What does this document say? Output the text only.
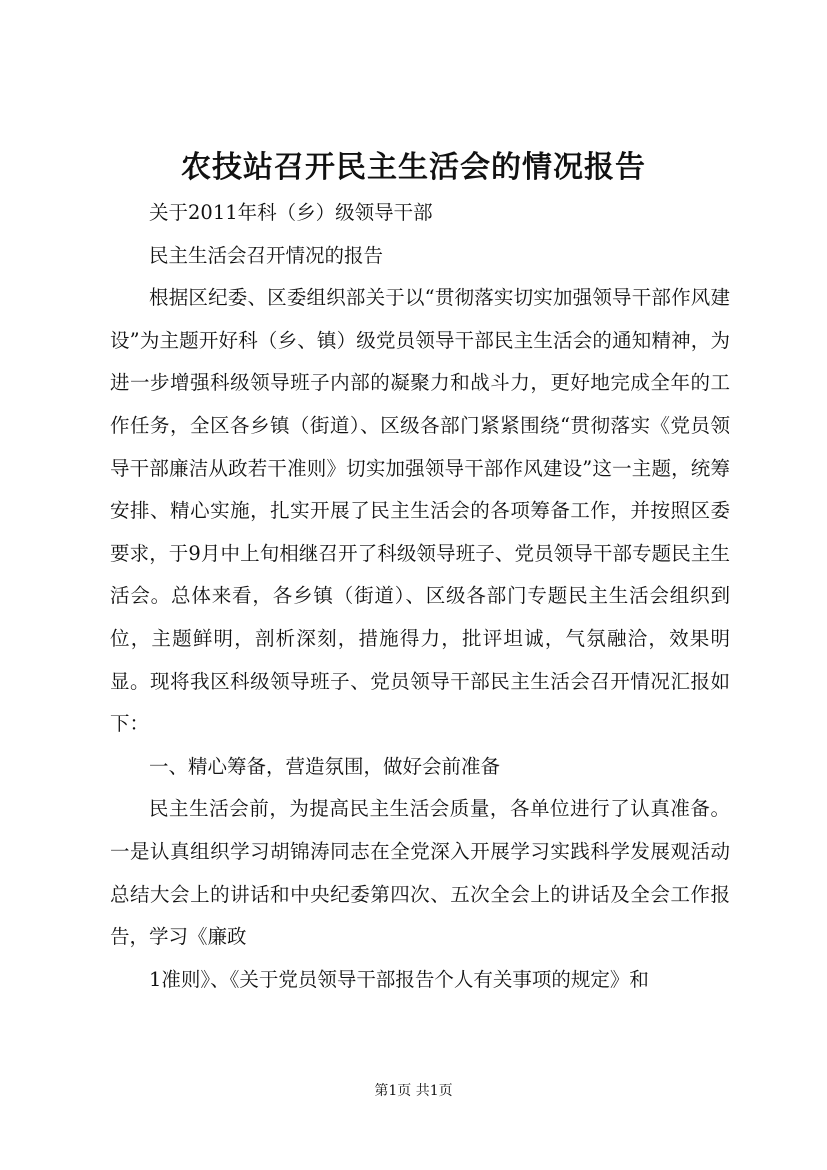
农技站召开民主生活会的情况报告

关于2011年科（乡）级领导干部

民主生活会召开情况的报告

根据区纪委、区委组织部关于以“贯彻落实切实加强领导干部作风建设”为主题开好科（乡、镇）级党员领导干部民主生活会的通知精神，为进一步增强科级领导班子内部的凝聚力和战斗力，更好地完成全年的工作任务，全区各乡镇（街道）、区级各部门紧紧围绕“贯彻落实《党员领导干部廉洁从政若干准则》切实加强领导干部作风建设”这一主题，统筹安排、精心实施，扎实开展了民主生活会的各项筹备工作，并按照区委要求，于9月中上旬相继召开了科级领导班子、党员领导干部专题民主生活会。总体来看，各乡镇（街道）、区级各部门专题民主生活会组织到位，主题鲜明，剖析深刻，措施得力，批评坦诚，气氛融洽，效果明显。现将我区科级领导班子、党员领导干部民主生活会召开情况汇报如下：

一、精心筹备，营造氛围，做好会前准备

民主生活会前，为提高民主生活会质量，各单位进行了认真准备。一是认真组织学习胡锦涛同志在全党深入开展学习实践科学发展观活动总结大会上的讲话和中央纪委第四次、五次全会上的讲话及全会工作报告，学习《廉政

1准则》、《关于党员领导干部报告个人有关事项的规定》和

第1页 共1页
